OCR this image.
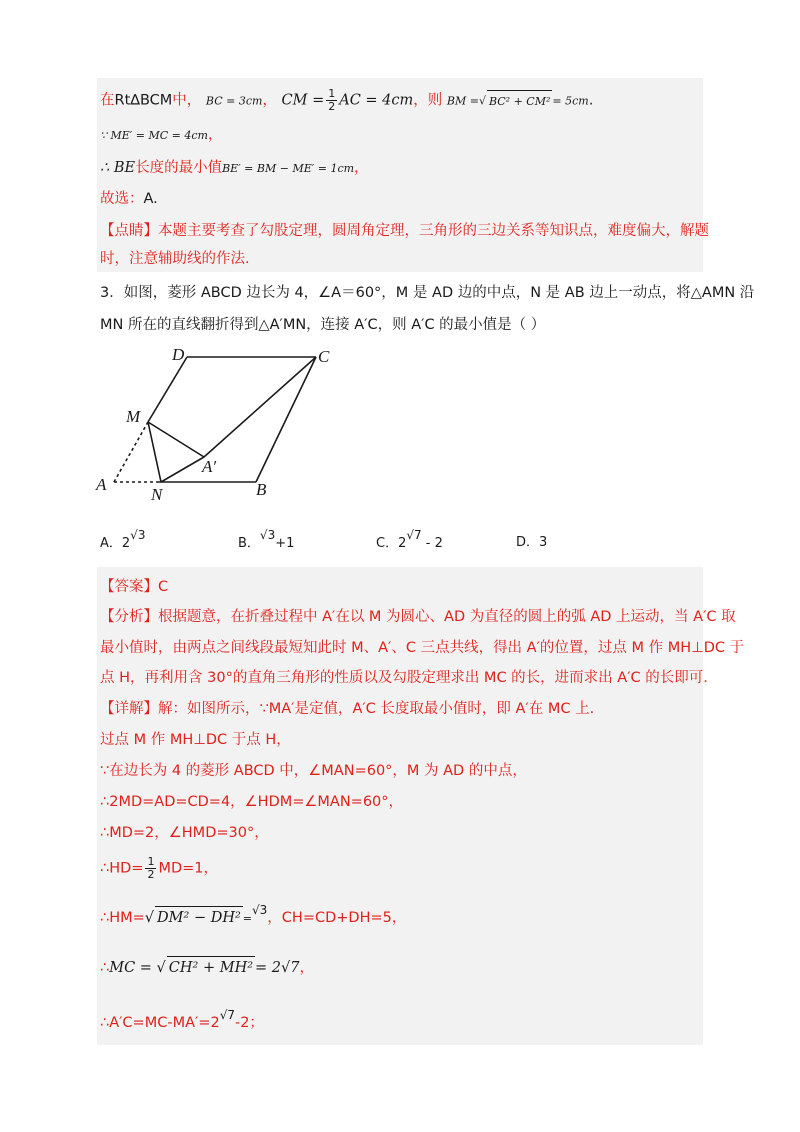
在Rt∆BCM中， BC = 3cm， CM = $\frac{1}{2}$ AC = 4cm，则 BM =√ BC² + CM² = 5cm.
∵ ME′ = MC = 4cm，
∴ BE长度的最小值BE′ = BM − ME′ = 1cm，
故选：A.
【点睛】本题主要考查了勾股定理，圆周角定理，三角形的三边关系等知识点，难度偏大，解题
时，注意辅助线的作法.
3．如图，菱形 ABCD 边长为 4，∠A＝60°，M 是 AD 边的中点，N 是 AB 边上一动点，将△AMN 沿
MN 所在的直线翻折得到△A′MN，连接 A′C，则 A′C 的最小值是（ ）
A	B
C
D
M
N
A′
A．2√3
B．√3+1	C．2√7 - 2	D．3
【答案】C
【分析】根据题意，在折叠过程中 A′在以 M 为圆心、AD 为直径的圆上的弧 AD 上运动，当 A′C 取
最小值时，由两点之间线段最短知此时 M、A′、C 三点共线，得出 A′的位置，过点 M 作 MH⊥DC 于
点 H，再利用含 30°的直角三角形的性质以及勾股定理求出 MC 的长，进而求出 A′C 的长即可.
【详解】解：如图所示，∵MA′是定值，A′C 长度取最小值时，即 A′在 MC 上.
过点 M 作 MH⊥DC 于点 H，
∵在边长为 4 的菱形 ABCD 中，∠MAN=60°，M 为 AD 的中点，
∴2MD=AD=CD=4，∠HDM=∠MAN=60°，
∴MD=2，∠HMD=30°，
∴HD= $\frac{1}{2} MD=1$，
∴HM=√ DM² − DH² =$^{√3}$，CH=CD+DH=5，
∴MC = √ CH² + MH² = 2√7，
$\therefore A'C=MC-MA'=2^{√7}-2$；
